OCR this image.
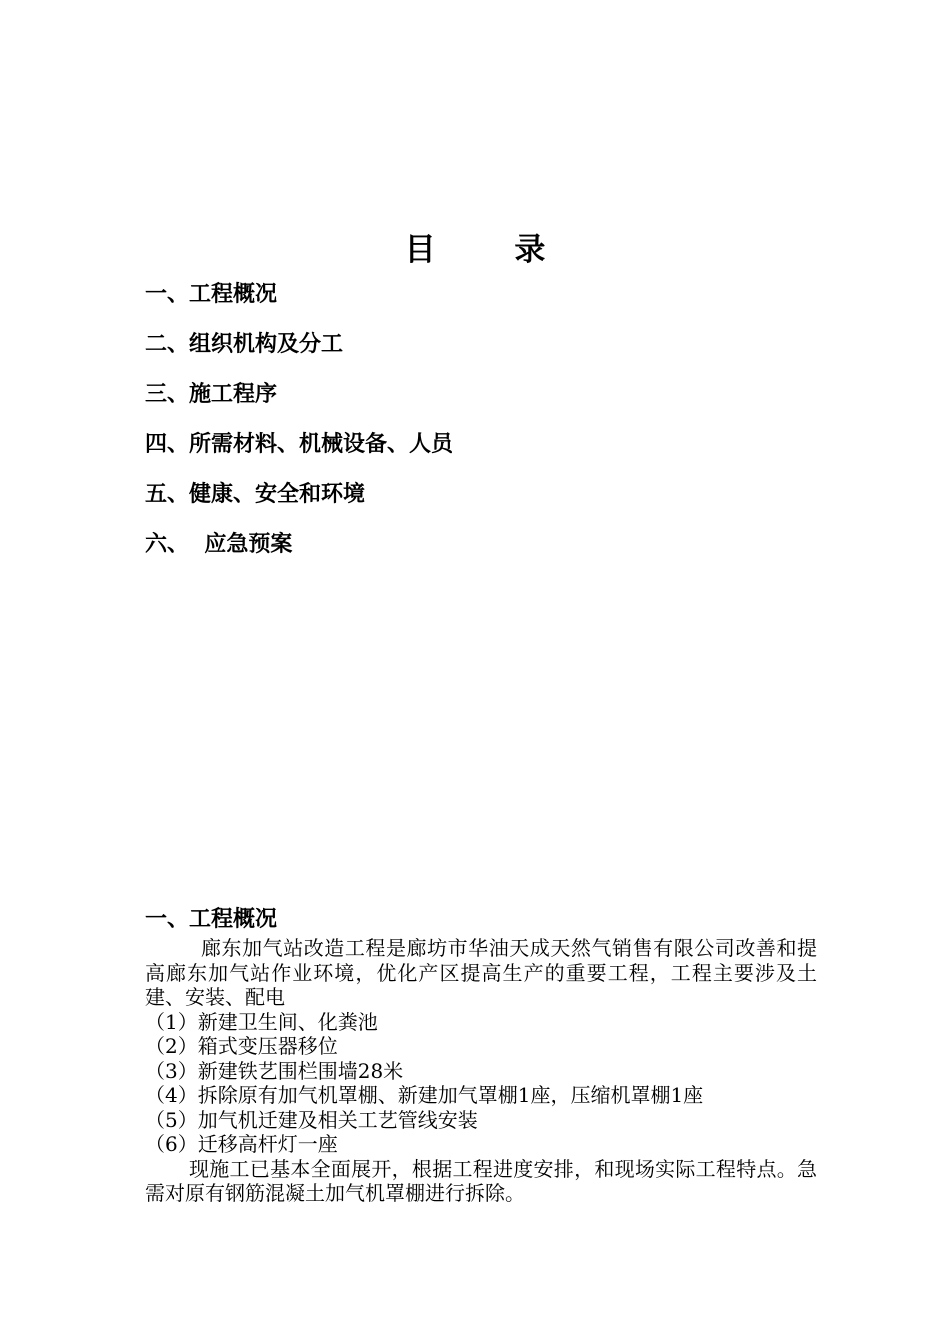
目 录
一、工程概况
二、组织机构及分工
三、施工程序
四、所需材料、机械设备、人员
五、健康、安全和环境
六、  应急预案
一、工程概况

廊东加气站改造工程是廊坊市华油天成天然气销售有限公司改善和提高廊东加气站作业环境，优化产区提高生产的重要工程，工程主要涉及土建、安装、配电

（1）新建卫生间、化粪池
（2）箱式变压器移位
（3）新建铁艺围栏围墙28米
（4）拆除原有加气机罩棚、新建加气罩棚1座，压缩机罩棚1座
（5）加气机迁建及相关工艺管线安装
（6）迁移高杆灯一座

现施工已基本全面展开，根据工程进度安排，和现场实际工程特点。急需对原有钢筋混凝土加气机罩棚进行拆除。
